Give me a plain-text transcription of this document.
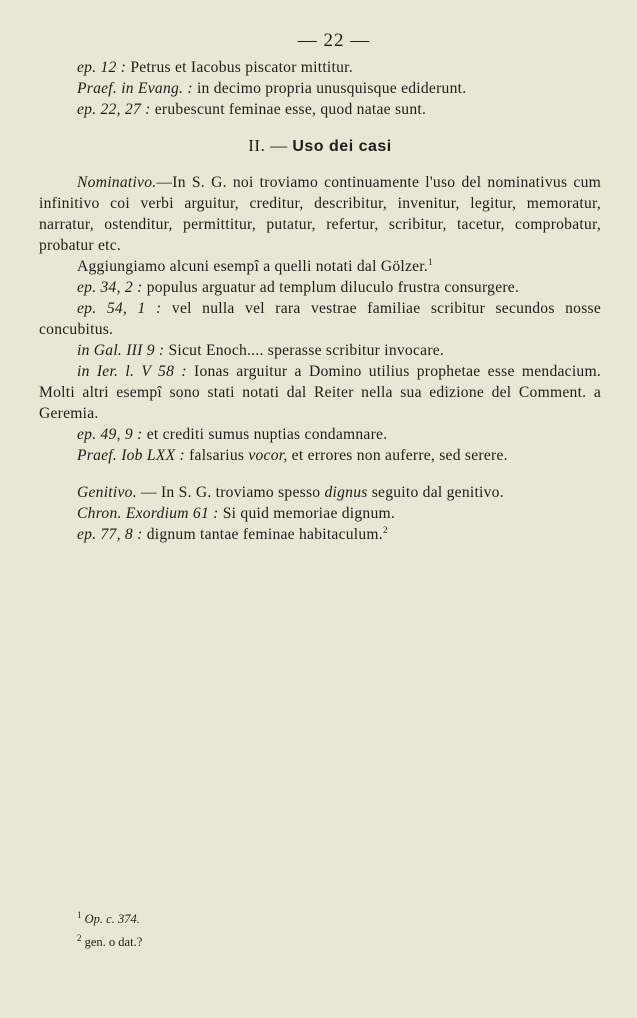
— 22 —

ep. 12 : Petrus et Iacobus piscator mittitur.

Praef. in Evang. : in decimo propria unusquisque ediderunt.

ep. 22, 27 : erubescunt feminae esse, quod natae sunt.

II. — Uso dei casi

Nominativo.—In S. G. noi troviamo continuamente l'uso del nominativus cum infinitivo coi verbi arguitur, creditur, describitur, invenitur, legitur, memoratur, narratur, ostenditur, permittitur, putatur, refertur, scribitur, tacetur, comprobatur, probatur etc.

Aggiungiamo alcuni esempî a quelli notati dal Gölzer.$^1$

ep. 34, 2 : populus arguatur ad templum diluculo frustra consurgere.

ep. 54, 1 : vel nulla vel rara vestrae familiae scribitur secundos nosse concubitus.

in Gal. III 9 : Sicut Enoch.... sperasse scribitur invocare.

in Ier. l. V 58 : Ionas arguitur a Domino utilius prophetae esse mendacium. Molti altri esempî sono stati notati dal Reiter nella sua edizione del Comment. a Geremia.

ep. 49, 9 : et crediti sumus nuptias condamnare.

Praef. Iob LXX : falsarius vocor, et errores non auferre, sed serere.

Genitivo. — In S. G. troviamo spesso dignus seguito dal genitivo.

Chron. Exordium 61 : Si quid memoriae dignum.

ep. 77, 8 : dignum tantae feminae habitaculum.$^2$

$^1$ Op. c. 374.
$^2$ gen. o dat.?
